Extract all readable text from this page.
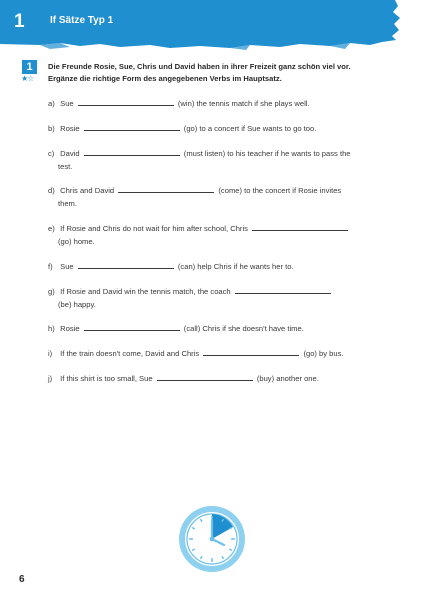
1	If Sätze Typ 1
1
★☆
Die Freunde Rosie, Sue, Chris und David haben in ihrer Freizeit ganz schön viel vor.
Ergänze die richtige Form des angegebenen Verbs im Hauptsatz.
a) Sue	(win) the tennis match if she plays well.
b) Rosie	(go) to a concert if Sue wants to go too.
c) David	(must listen) to his teacher if he wants to pass the
test.
d) Chris and David	(come) to the concert if Rosie invites
them.
e) If Rosie and Chris do not wait for him after school, Chris
(go) home.
f) Sue	(can) help Chris if he wants her to.
g) If Rosie and David win the tennis match, the coach
(be) happy.
h) Rosie	(call) Chris if she doesn't have time.
i) If the train doesn't come, David and Chris	(go) by bus.
j) If this shirt is too small, Sue	(buy) another one.
6
